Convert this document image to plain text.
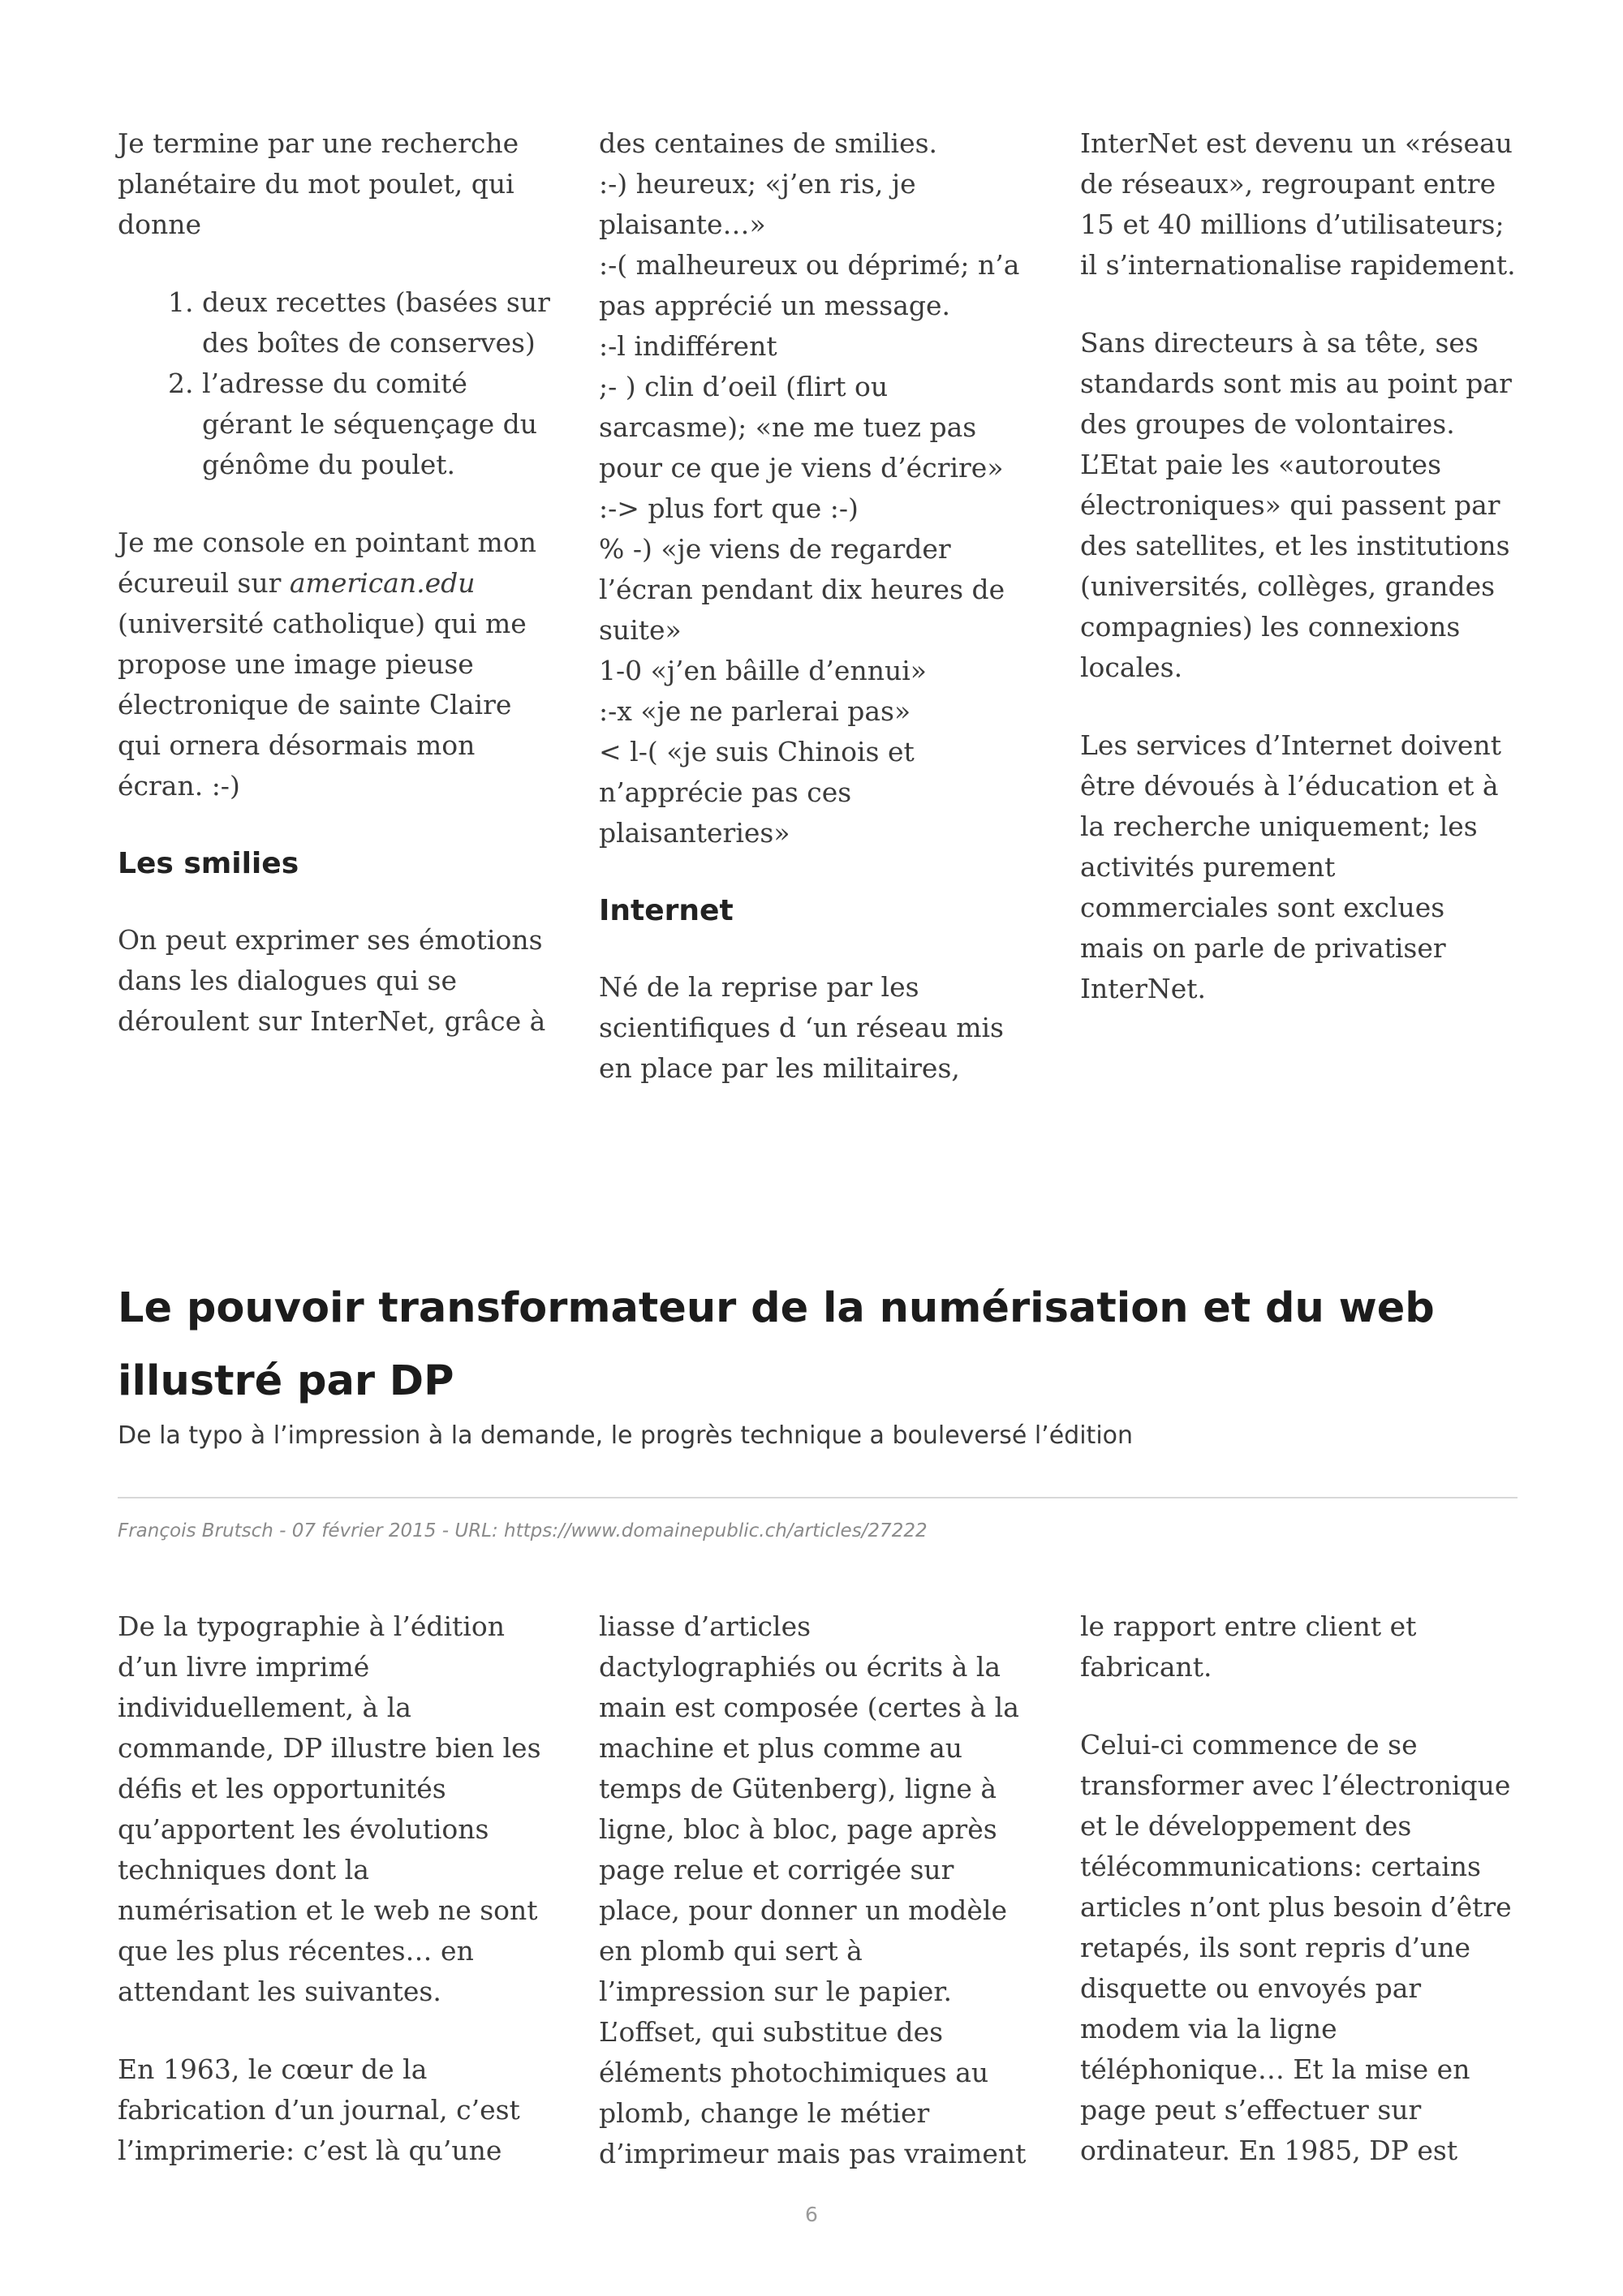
Je termine par une recherche planétaire du mot poulet, qui donne

1. deux recettes (basées sur des boîtes de conserves)
2. l’adresse du comité gérant le séquençage du génôme du poulet.

Je me console en pointant mon écureuil sur american.edu (université catholique) qui me propose une image pieuse électronique de sainte Claire qui ornera désormais mon écran. :-)

Les smilies

On peut exprimer ses émotions dans les dialogues qui se déroulent sur InterNet, grâce à

des centaines de smilies.

:-) heureux; «j’en ris, je plaisante…»

:-( malheureux ou déprimé; n’a pas apprécié un message.

:-l indifférent

;- ) clin d’oeil (flirt ou sarcasme); «ne me tuez pas pour ce que je viens d’écrire»

:-> plus fort que :-)

% -) «je viens de regarder l’écran pendant dix heures de suite»

1-0 «j’en bâille d’ennui»

:-x «je ne parlerai pas»

< l-( «je suis Chinois et n’apprécie pas ces plaisanteries»

Internet

Né de la reprise par les scientifiques d ‘un réseau mis en place par les militaires,

InterNet est devenu un «réseau de réseaux», regroupant entre 15 et 40 millions d’utilisateurs; il s’internationalise rapidement.

Sans directeurs à sa tête, ses standards sont mis au point par des groupes de volontaires. L’Etat paie les «autoroutes électroniques» qui passent par des satellites, et les institutions (universités, collèges, grandes compagnies) les connexions locales.

Les services d’Internet doivent être dévoués à l’éducation et à la recherche uniquement; les activités purement commerciales sont exclues mais on parle de privatiser InterNet.

Le pouvoir transformateur de la numérisation et du web illustré par DP

De la typo à l’impression à la demande, le progrès technique a bouleversé l’édition

François Brutsch - 07 février 2015 - URL: https://www.domainepublic.ch/articles/27222

De la typographie à l’édition d’un livre imprimé individuellement, à la commande, DP illustre bien les défis et les opportunités qu’apportent les évolutions techniques dont la numérisation et le web ne sont que les plus récentes… en attendant les suivantes.

En 1963, le cœur de la fabrication d’un journal, c’est l’imprimerie: c’est là qu’une

liasse d’articles dactylographiés ou écrits à la main est composée (certes à la machine et plus comme au temps de Gütenberg), ligne à ligne, bloc à bloc, page après page relue et corrigée sur place, pour donner un modèle en plomb qui sert à l’impression sur le papier. L’offset, qui substitue des éléments photochimiques au plomb, change le métier d’imprimeur mais pas vraiment

le rapport entre client et fabricant.

Celui-ci commence de se transformer avec l’électronique et le développement des télécommunications: certains articles n’ont plus besoin d’être retapés, ils sont repris d’une disquette ou envoyés par modem via la ligne téléphonique… Et la mise en page peut s’effectuer sur ordinateur. En 1985, DP est

6
